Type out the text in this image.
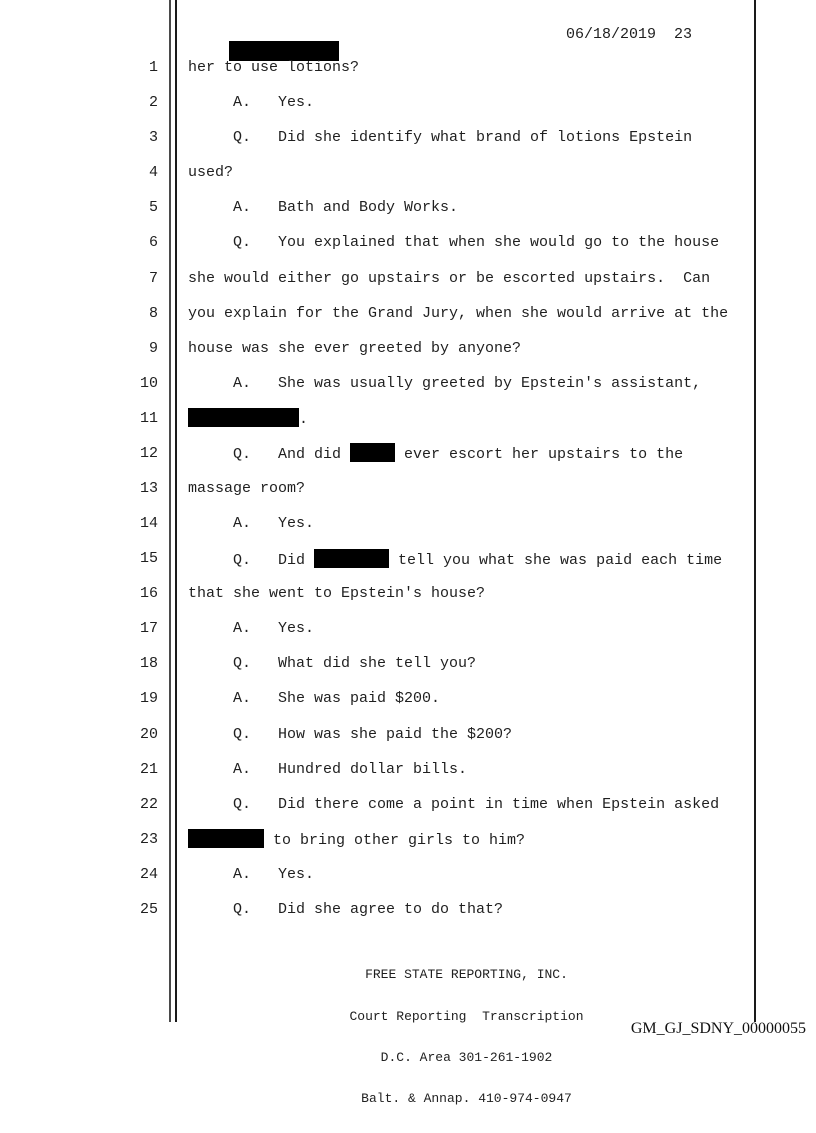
06/18/2019

23

1 her to use lotions?
2 A.   Yes.
3 Q.   Did she identify what brand of lotions Epstein
4 used?
5 A.   Bath and Body Works.
6 Q.   You explained that when she would go to the house
7 she would either go upstairs or be escorted upstairs.  Can
8 you explain for the Grand Jury, when she would arrive at the
9 house was she ever greeted by anyone?
10 A.   She was usually greeted by Epstein's assistant,
11	.
12 Q.   And did	ever escort her upstairs to the
13 massage room?
14 A.   Yes.
15 Q.   Did	tell you what she was paid each time
16 that she went to Epstein's house?
17 A.   Yes.
18 Q.   What did she tell you?
19 A.   She was paid $200.
20 Q.   How was she paid the $200?
21 A.   Hundred dollar bills.
22 Q.   Did there come a point in time when Epstein asked
23	to bring other girls to him?
24 A.   Yes.
25 Q.   Did she agree to do that?

FREE STATE REPORTING, INC.

Court Reporting  Transcription

D.C. Area 301-261-1902

Balt. & Annap. 410-974-0947

GM_GJ_SDNY_00000055
